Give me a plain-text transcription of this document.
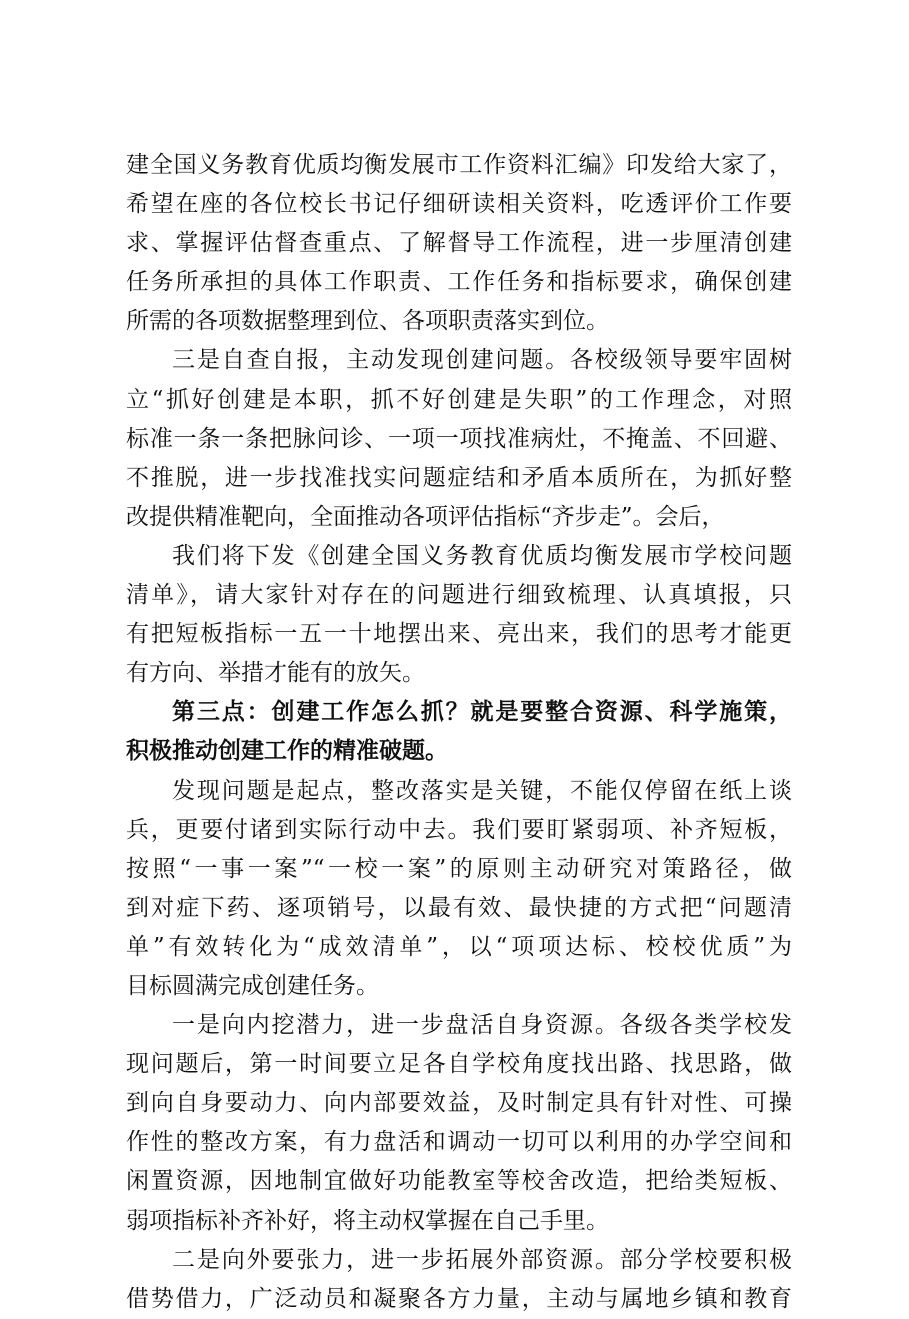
建全国义务教育优质均衡发展市工作资料汇编》印发给大家了，
希望在座的各位校长书记仔细研读相关资料，吃透评价工作要
求、掌握评估督查重点、了解督导工作流程，进一步厘清创建
任务所承担的具体工作职责、工作任务和指标要求，确保创建
所需的各项数据整理到位、各项职责落实到位。
三是自查自报，主动发现创建问题。各校级领导要牢固树
立“抓好创建是本职，抓不好创建是失职”的工作理念，对照
标准一条一条把脉问诊、一项一项找准病灶，不掩盖、不回避、
不推脱，进一步找准找实问题症结和矛盾本质所在，为抓好整
改提供精准靶向，全面推动各项评估指标“齐步走”。会后，
我们将下发《创建全国义务教育优质均衡发展市学校问题
清单》，请大家针对存在的问题进行细致梳理、认真填报，只
有把短板指标一五一十地摆出来、亮出来，我们的思考才能更
有方向、举措才能有的放矢。
第三点：创建工作怎么抓？就是要整合资源、科学施策，
积极推动创建工作的精准破题。
发现问题是起点，整改落实是关键，不能仅停留在纸上谈
兵，更要付诸到实际行动中去。我们要盯紧弱项、补齐短板，
按照“一事一案”“一校一案”的原则主动研究对策路径，做
到对症下药、逐项销号，以最有效、最快捷的方式把“问题清
单”有效转化为“成效清单”，以“项项达标、校校优质”为
目标圆满完成创建任务。
一是向内挖潜力，进一步盘活自身资源。各级各类学校发
现问题后，第一时间要立足各自学校角度找出路、找思路，做
到向自身要动力、向内部要效益，及时制定具有针对性、可操
作性的整改方案，有力盘活和调动一切可以利用的办学空间和
闲置资源，因地制宜做好功能教室等校舍改造，把给类短板、
弱项指标补齐补好，将主动权掌握在自己手里。
二是向外要张力，进一步拓展外部资源。部分学校要积极
借势借力，广泛动员和凝聚各方力量，主动与属地乡镇和教育
